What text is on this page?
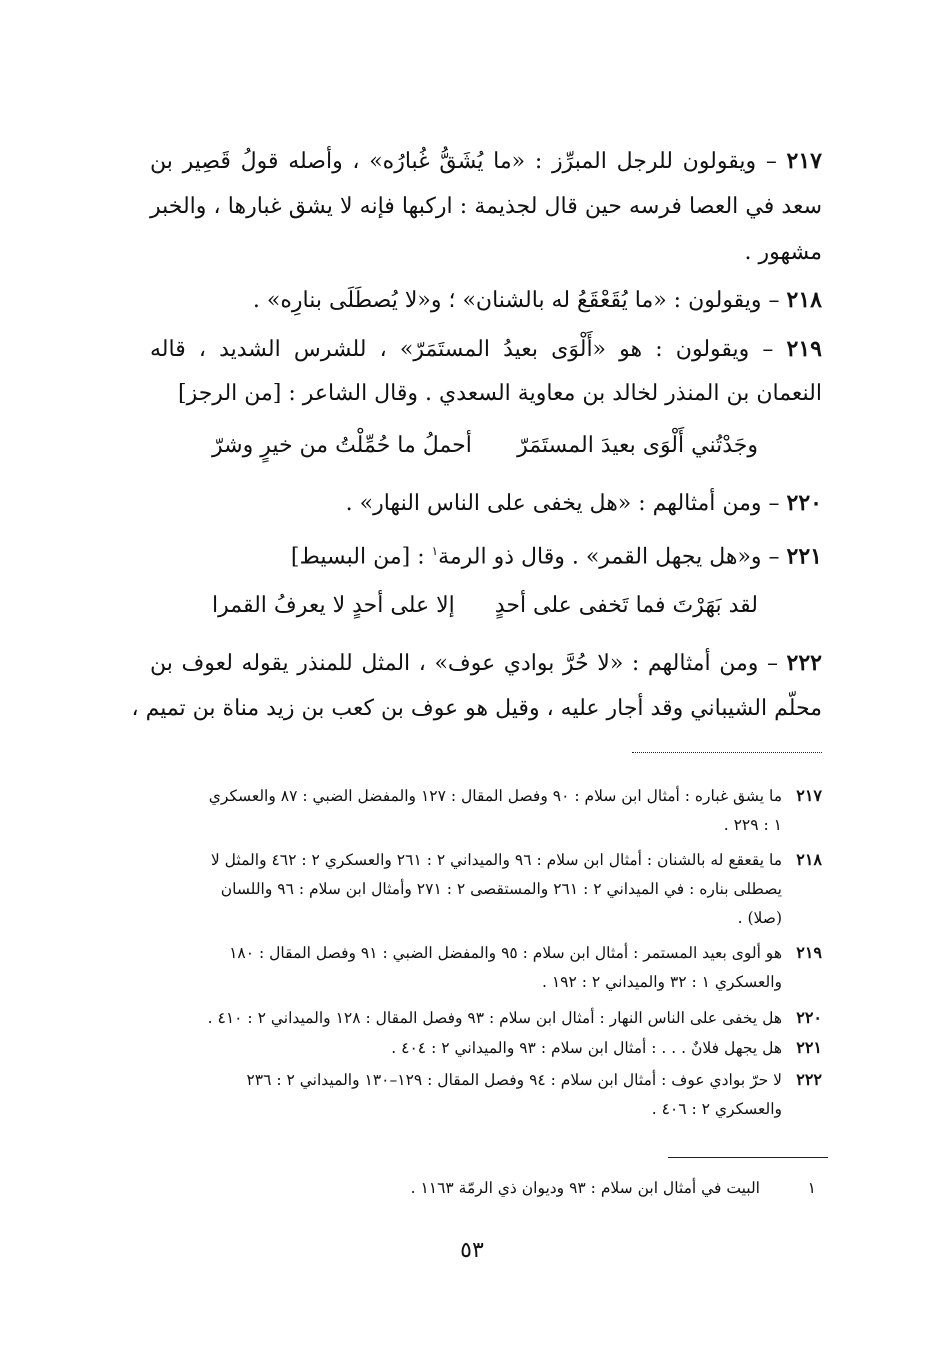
٢١٧ – ويقولون للرجل المبرِّز : «ما يُشَقُّ غُبارُه» ، وأصله قولُ قَصِير بن
سعد في العصا فرسه حين قال لجذيمة : اركبها فإنه لا يشق غبارها ، والخبر
مشهور .
٢١٨ – ويقولون : «ما يُقَعْقَعُ له بالشنان» ؛ و«لا يُصطَلَى بنارِه» .
٢١٩ – ويقولون : هو «أَلْوَى بعيدُ المستَمَرّ» ، للشرس الشديد ، قاله
النعمان بن المنذر لخالد بن معاوية السعدي . وقال الشاعر : [من الرجز]
وجَدْتُني أَلْوَى بعيدَ المستَمَرّ
أحملُ ما حُمِّلْتُ من خيرٍ وشرّ
٢٢٠ – ومن أمثالهم : «هل يخفى على الناس النهار» .
٢٢١ – و«هل يجهل القمر» . وقال ذو الرمة$^١$ : [من البسيط]
لقد بَهَرْتَ فما تَخفى على أحدٍ
إلا على أحدٍ لا يعرفُ القمرا
٢٢٢ – ومن أمثالهم : «لا حُرَّ بوادي عوف» ، المثل للمنذر يقوله لعوف بن
محلّم الشيباني وقد أجار عليه ، وقيل هو عوف بن كعب بن زيد مناة بن تميم ،
٢١٧
ما يشق غباره : أمثال ابن سلام : ٩٠ وفصل المقال : ١٢٧ والمفضل الضبي : ٨٧ والعسكري
١ : ٢٢٩ .
٢١٨
ما يقعقع له بالشنان : أمثال ابن سلام : ٩٦ والميداني ٢ : ٢٦١ والعسكري ٢ : ٤٦٢ والمثل لا
يصطلى بناره : في الميداني ٢ : ٢٦١ والمستقصى ٢ : ٢٧١ وأمثال ابن سلام : ٩٦ واللسان
(صلا) .
٢١٩
هو ألوى بعيد المستمر : أمثال ابن سلام : ٩٥ والمفضل الضبي : ٩١ وفصل المقال : ١٨٠
والعسكري ١ : ٣٢ والميداني ٢ : ١٩٢ .
٢٢٠
هل يخفى على الناس النهار : أمثال ابن سلام : ٩٣ وفصل المقال : ١٢٨ والميداني ٢ : ٤١٠ .
٢٢١
هل يجهل فلانٌ . . . : أمثال ابن سلام : ٩٣ والميداني ٢ : ٤٠٤ .
٢٢٢
لا حرّ بوادي عوف : أمثال ابن سلام : ٩٤ وفصل المقال : ١٢٩–١٣٠ والميداني ٢ : ٢٣٦
والعسكري ٢ : ٤٠٦ .
١
البيت في أمثال ابن سلام : ٩٣ وديوان ذي الرمّة ١١٦٣ .
٥٣
